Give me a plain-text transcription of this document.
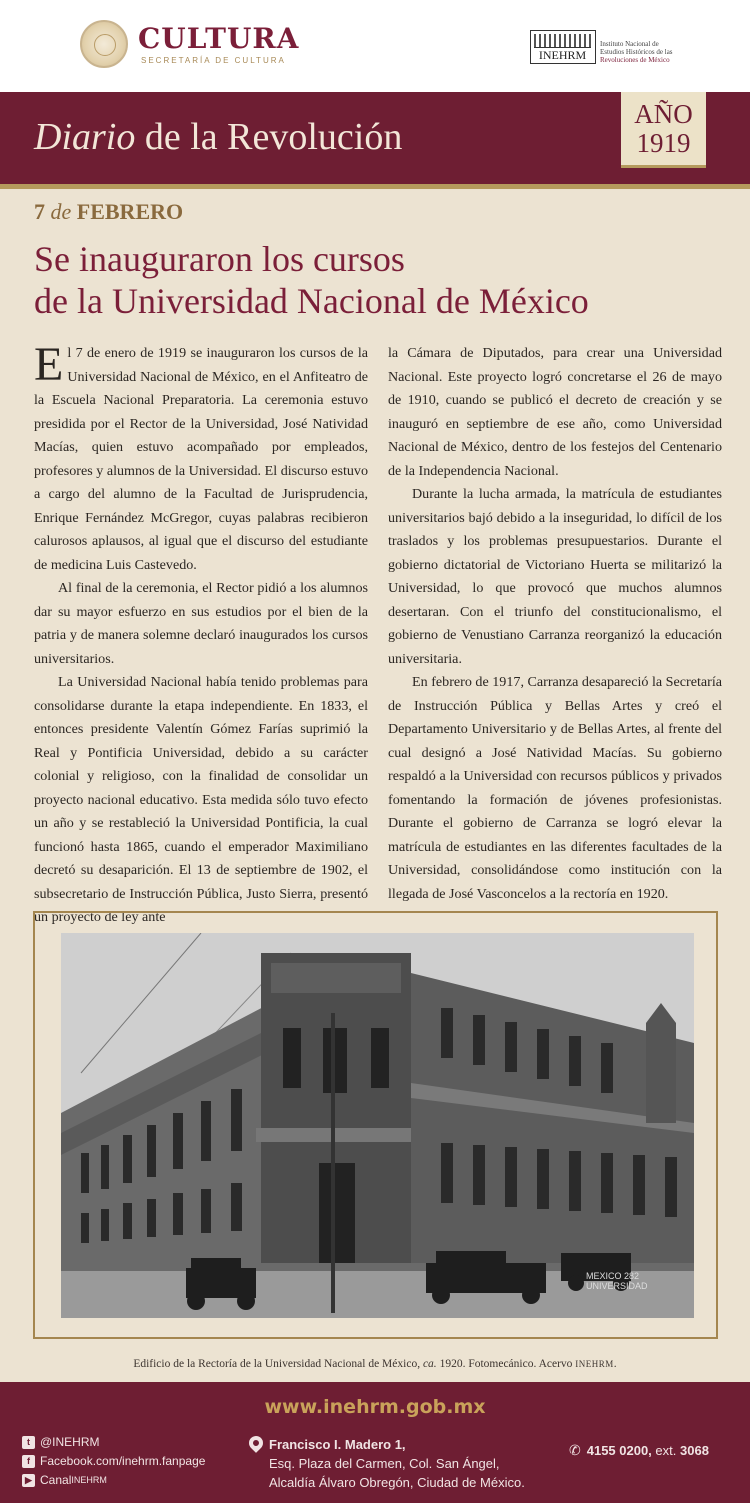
CULTURA
SECRETARÍA DE CULTURA	INEHRM
Instituto Nacional de
Estudios Históricos de las
Revoluciones de México
Diario de la Revolución
AÑO
1919
7 de FEBRERO
Se inauguraron los cursos
de la Universidad Nacional de México

El 7 de enero de 1919 se inauguraron los cursos de la Universidad Nacional de México, en el Anfiteatro de la Escuela Nacional Preparatoria. La ceremonia estuvo presidida por el Rector de la Universidad, José Natividad Macías, quien estuvo acompañado por empleados, profesores y alumnos de la Universidad. El discurso estuvo a cargo del alumno de la Facultad de Jurisprudencia, Enrique Fernández McGregor, cuyas palabras recibieron calurosos aplausos, al igual que el discurso del estudiante de medicina Luis Castevedo.

Al final de la ceremonia, el Rector pidió a los alumnos dar su mayor esfuerzo en sus estudios por el bien de la patria y de manera solemne declaró inaugurados los cursos universitarios.

La Universidad Nacional había tenido problemas para consolidarse durante la etapa independiente. En 1833, el entonces presidente Valentín Gómez Farías suprimió la Real y Pontificia Universidad, debido a su carácter colonial y religioso, con la finalidad de consolidar un proyecto nacional educativo. Esta medida sólo tuvo efecto un año y se restableció la Universidad Pontificia, la cual funcionó hasta 1865, cuando el emperador Maximiliano decretó su desaparición. El 13 de septiembre de 1902, el subsecretario de Instrucción Pública, Justo Sierra, presentó un proyecto de ley ante

la Cámara de Diputados, para crear una Universidad Nacional. Este proyecto logró concretarse el 26 de mayo de 1910, cuando se publicó el decreto de creación y se inauguró en septiembre de ese año, como Universidad Nacional de México, dentro de los festejos del Centenario de la Independencia Nacional.

Durante la lucha armada, la matrícula de estudiantes universitarios bajó debido a la inseguridad, lo difícil de los traslados y los problemas presupuestarios. Durante el gobierno dictatorial de Victoriano Huerta se militarizó la Universidad, lo que provocó que muchos alumnos desertaran. Con el triunfo del constitucionalismo, el gobierno de Venustiano Carranza reorganizó la educación universitaria.

En febrero de 1917, Carranza desapareció la Secretaría de Instrucción Pública y Bellas Artes y creó el Departamento Universitario y de Bellas Artes, al frente del cual designó a José Natividad Macías. Su gobierno respaldó a la Universidad con recursos públicos y privados fomentando la formación de jóvenes profesionistas. Durante el gobierno de Carranza se logró elevar la matrícula de estudiantes en las diferentes facultades de la Universidad, consolidándose como institución con la llegada de José Vasconcelos a la rectoría en 1920.

MEXICO 282
UNIVERSIDAD
Edificio de la Rectoría de la Universidad Nacional de México, ca. 1920. Fotomecánico. Acervo INEHRM.
www.inehrm.gob.mx
t @INEHRM
f Facebook.com/inehrm.fanpage
▶ Canal INEHRM
Francisco I. Madero 1,
Esq. Plaza del Carmen, Col. San Ángel,
Alcaldía Álvaro Obregón, Ciudad de México.
✆ 4155 0200, ext. 3068
